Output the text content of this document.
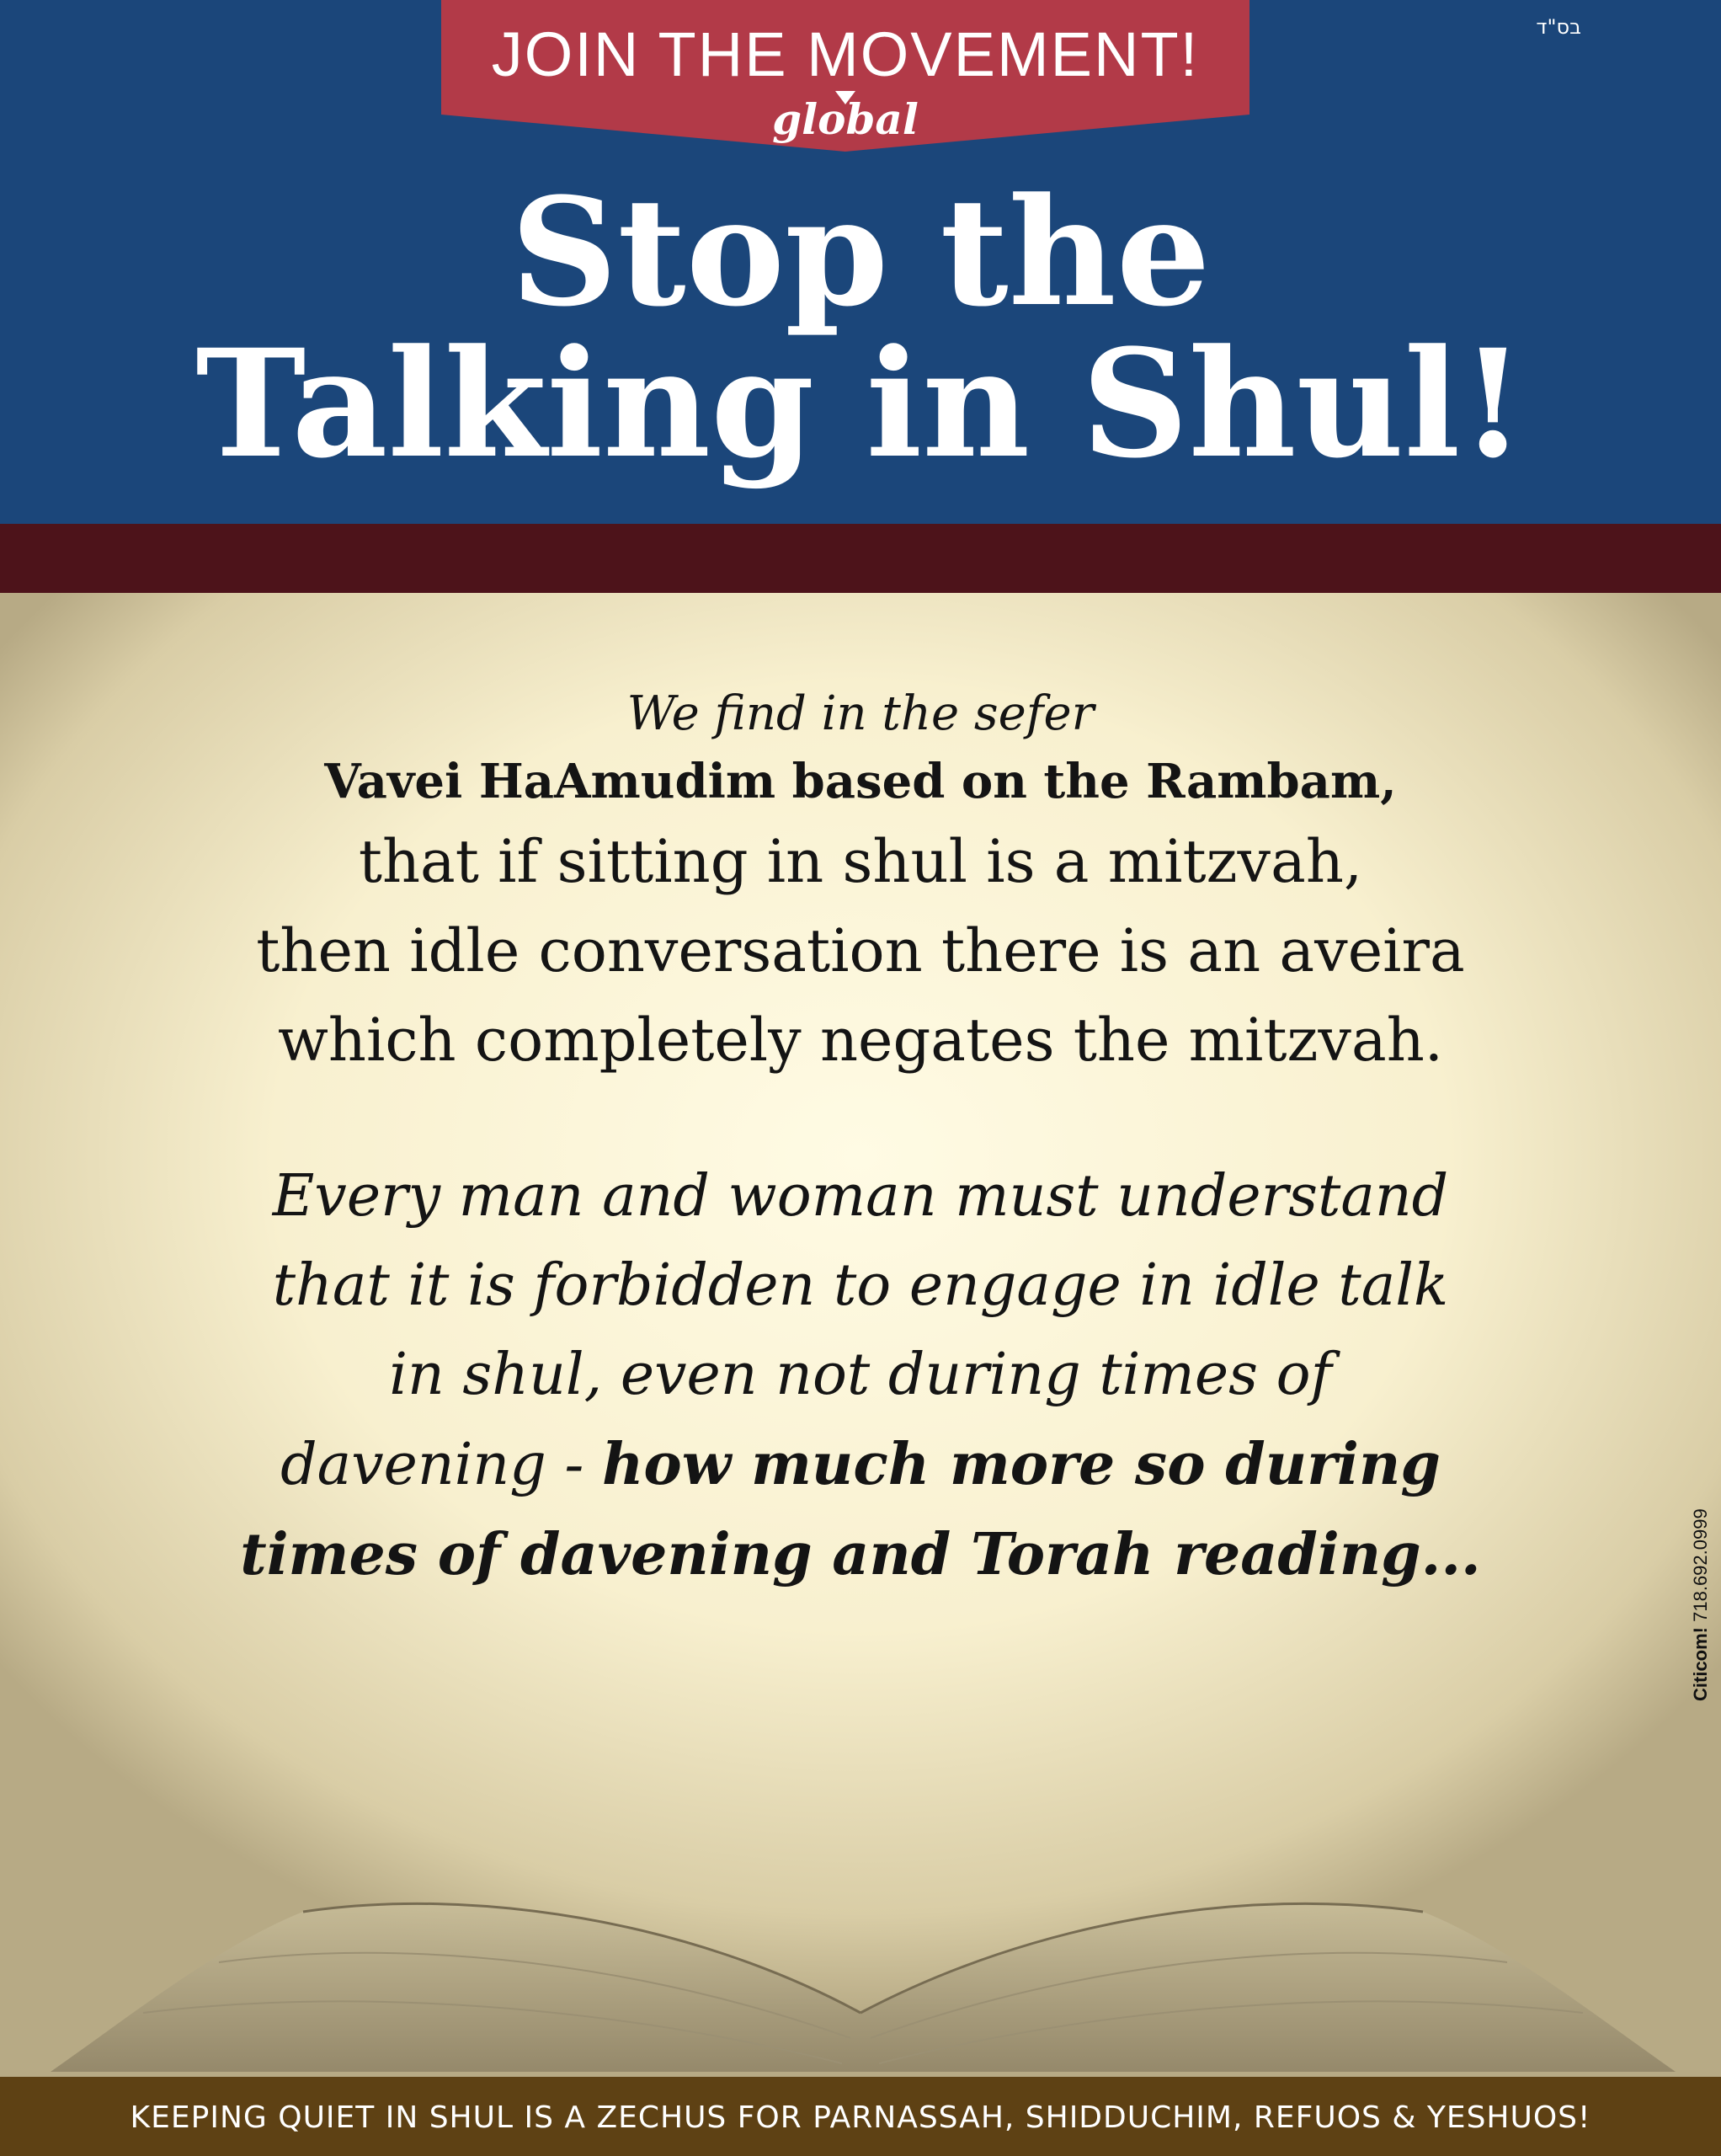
JOIN THE MOVEMENT!
global
בס"ד
Stop the
Talking in Shul!
We find in the sefer
Vavei HaAmudim based on the Rambam,
that if sitting in shul is a mitzvah,
then idle conversation there is an aveira
which completely negates the mitzvah.
Every man and woman must understand
that it is forbidden to engage in idle talk
in shul, even not during times of
davening - how much more so during
times of davening and Torah reading...
Citicom! 718.692.0999
KEEPING QUIET IN SHUL IS A ZECHUS FOR PARNASSAH, SHIDDUCHIM, REFUOS & YESHUOS!
